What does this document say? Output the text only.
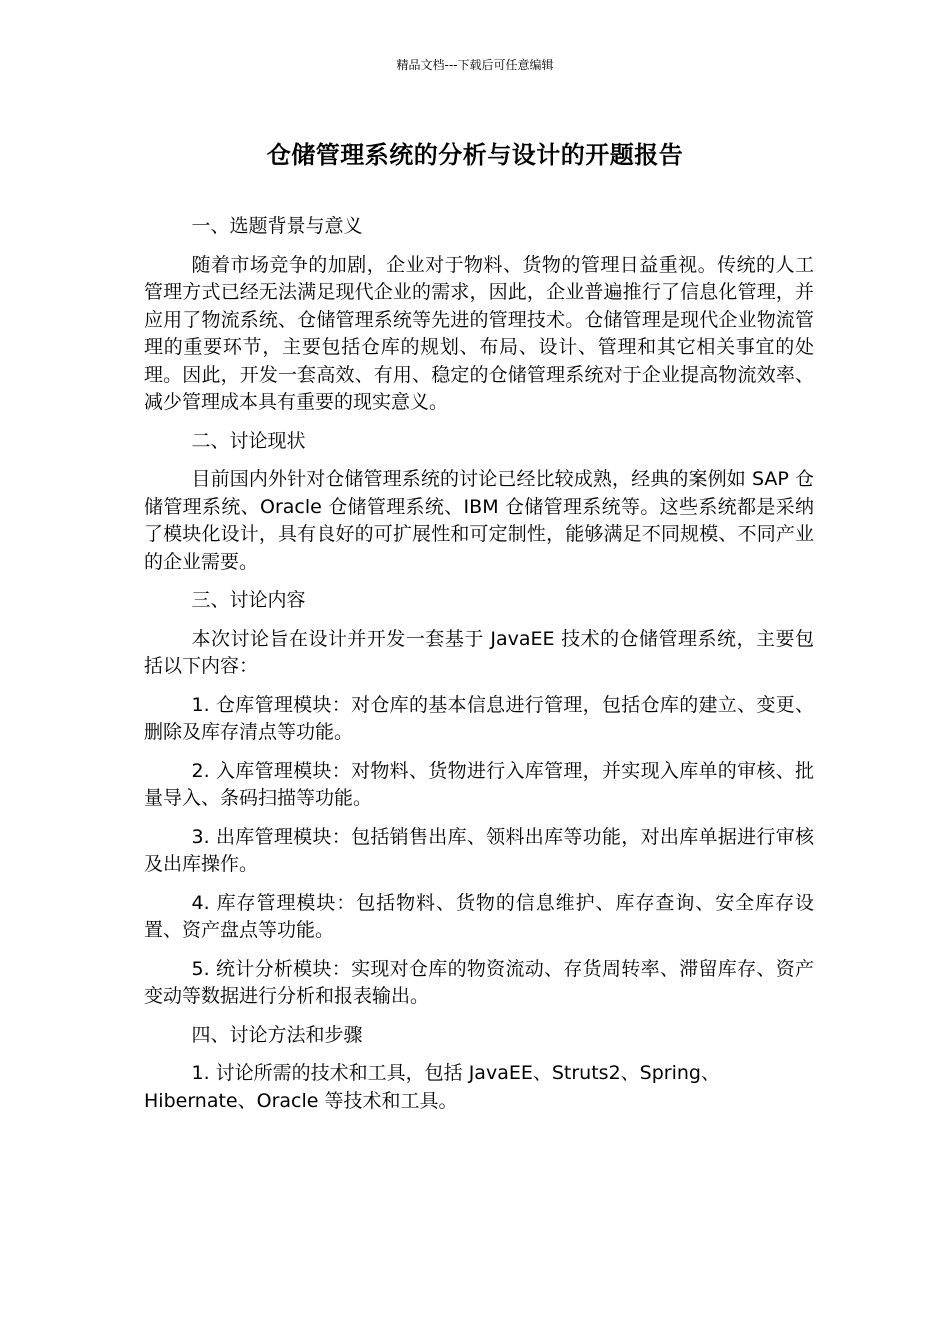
精品文档---下载后可任意编辑
仓储管理系统的分析与设计的开题报告

一、选题背景与意义

随着市场竞争的加剧，企业对于物料、货物的管理日益重视。传统的人工管理方式已经无法满足现代企业的需求，因此，企业普遍推行了信息化管理，并应用了物流系统、仓储管理系统等先进的管理技术。仓储管理是现代企业物流管理的重要环节，主要包括仓库的规划、布局、设计、管理和其它相关事宜的处理。因此，开发一套高效、有用、稳定的仓储管理系统对于企业提高物流效率、减少管理成本具有重要的现实意义。

二、讨论现状

目前国内外针对仓储管理系统的讨论已经比较成熟，经典的案例如 SAP 仓储管理系统、Oracle 仓储管理系统、IBM 仓储管理系统等。这些系统都是采纳了模块化设计，具有良好的可扩展性和可定制性，能够满足不同规模、不同产业的企业需要。

三、讨论内容

本次讨论旨在设计并开发一套基于 JavaEE 技术的仓储管理系统，主要包括以下内容：

1. 仓库管理模块：对仓库的基本信息进行管理，包括仓库的建立、变更、删除及库存清点等功能。

2. 入库管理模块：对物料、货物进行入库管理，并实现入库单的审核、批量导入、条码扫描等功能。

3. 出库管理模块：包括销售出库、领料出库等功能，对出库单据进行审核及出库操作。

4. 库存管理模块：包括物料、货物的信息维护、库存查询、安全库存设置、资产盘点等功能。

5. 统计分析模块：实现对仓库的物资流动、存货周转率、滞留库存、资产变动等数据进行分析和报表输出。

四、讨论方法和步骤

1. 讨论所需的技术和工具，包括 JavaEE、Struts2、Spring、Hibernate、Oracle 等技术和工具。
